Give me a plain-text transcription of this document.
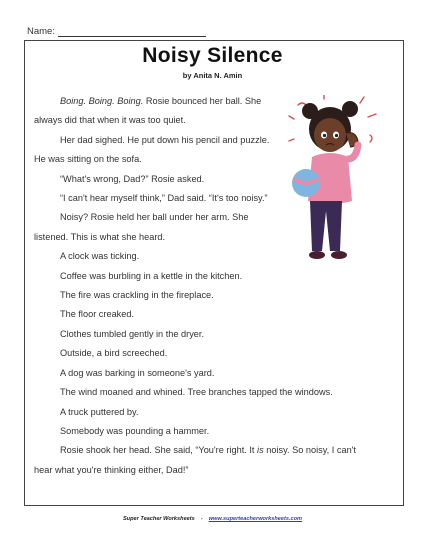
Name:
Noisy Silence
by Anita N. Amin

Boing. Boing. Boing. Rosie bounced her ball. She always did that when it was too quiet.

Her dad sighed. He put down his pencil and puzzle. He was sitting on the sofa.

“What's wrong, Dad?” Rosie asked.

“I can't hear myself think,” Dad said. “It's too noisy.”

Noisy? Rosie held her ball under her arm. She listened. This is what she heard.

A clock was ticking.

Coffee was burbling in a kettle in the kitchen.

The fire was crackling in the fireplace.

The floor creaked.

Clothes tumbled gently in the dryer.

Outside, a bird screeched.

A dog was barking in someone's yard.

The wind moaned and whined. Tree branches tapped the windows.

A truck puttered by.

Somebody was pounding a hammer.

Rosie shook her head. She said, “You're right. It is noisy. So noisy, I can't hear what you're thinking either, Dad!”

Super Teacher Worksheets - www.superteacherworksheets.com
